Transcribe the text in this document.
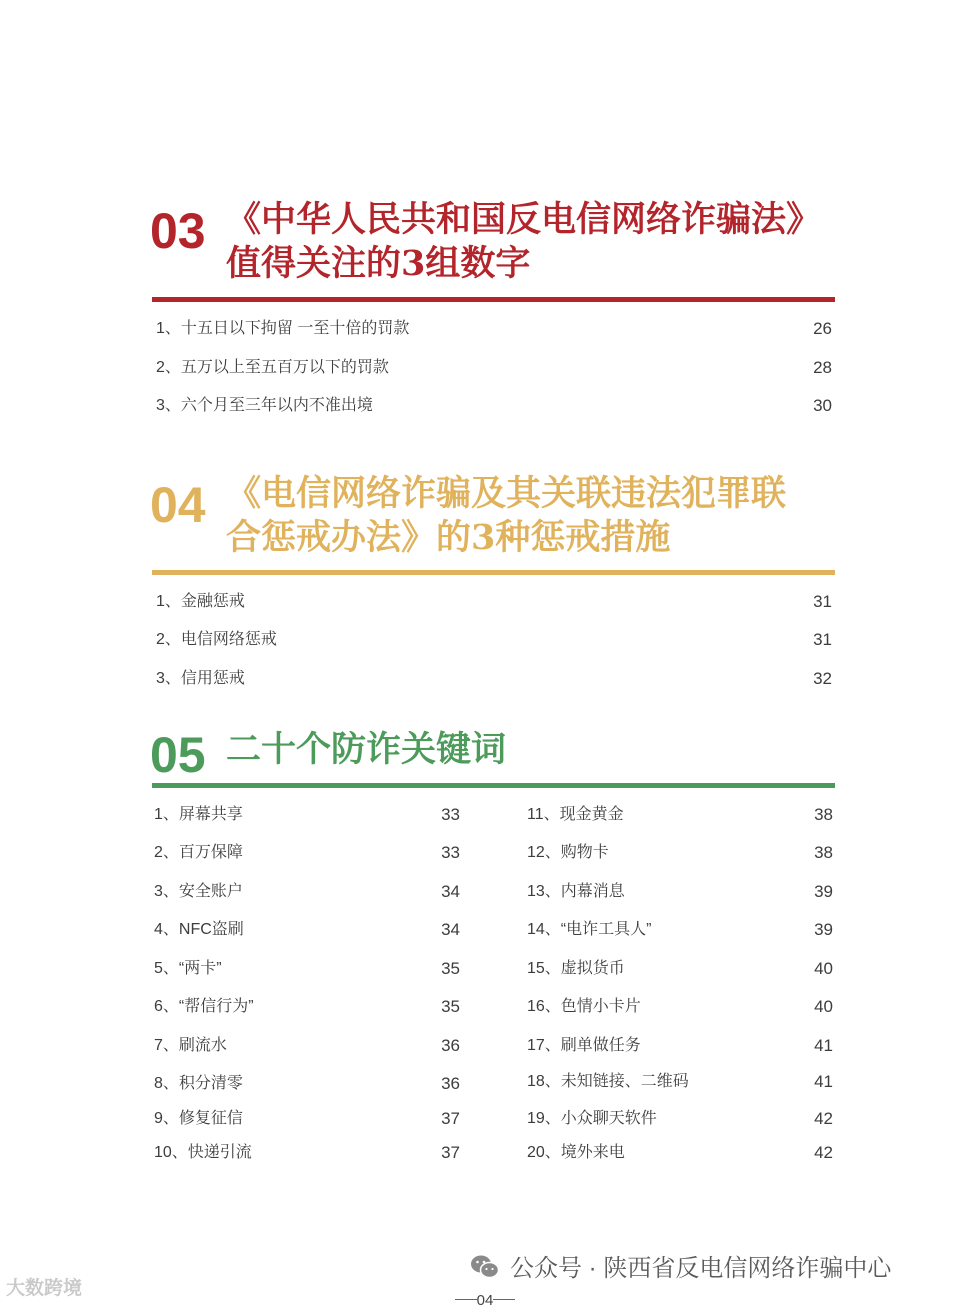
03 《中华人民共和国反电信网络诈骗法》
值得关注的3组数字
1、十五日以下拘留 一至十倍的罚款	26
2、五万以上至五百万以下的罚款	28
3、六个月至三年以内不准出境	30
04 《电信网络诈骗及其关联违法犯罪联
合惩戒办法》的3种惩戒措施
1、金融惩戒	31
2、电信网络惩戒	31
3、信用惩戒	32
05 二十个防诈关键词
1、屏幕共享	33
2、百万保障	33
3、安全账户	34
4、NFC盗刷	34
5、“两卡”	35
6、“帮信行为”	35
7、刷流水	36
8、积分清零	36
9、修复征信	37
10、快递引流	37
11、现金黄金	38
12、购物卡	38
13、内幕消息	39
14、“电诈工具人”	39
15、虚拟货币	40
16、色情小卡片	40
17、刷单做任务	41
18、未知链接、二维码	41
19、小众聊天软件	42
20、境外来电	42
公众号 · 陕西省反电信网络诈骗中心
大数跨境
04
